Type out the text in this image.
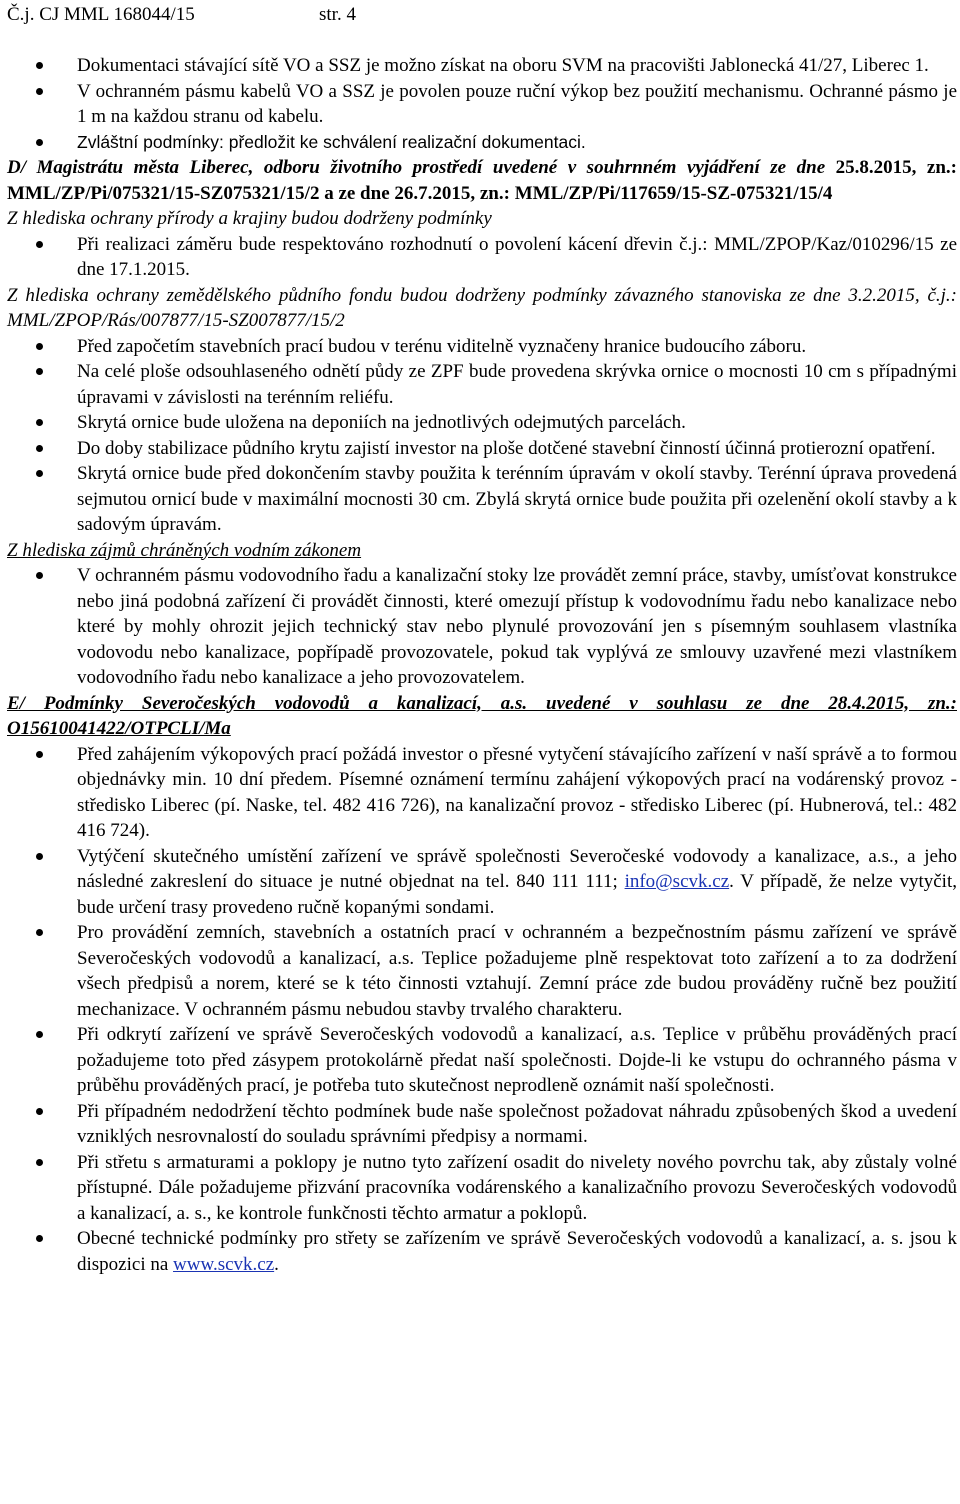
Č.j. CJ MML 168044/15	str. 4
Dokumentaci stávající sítě VO a SSZ je možno získat na oboru SVM na pracovišti Jablonecká 41/27, Liberec 1.
V ochranném pásmu kabelů VO a SSZ je povolen pouze ruční výkop bez použití mechanismu. Ochranné pásmo je 1 m na každou stranu od kabelu.
Zvláštní podmínky: předložit ke schválení realizační dokumentaci.

D/ Magistrátu města Liberec, odboru životního prostředí uvedené v souhrnném vyjádření ze dne 25.8.2015, zn.: MML/ZP/Pi/075321/15-SZ075321/15/2 a ze dne 26.7.2015, zn.: MML/ZP/Pi/117659/15-SZ-075321/15/4

Z hlediska ochrany přírody a krajiny budou dodrženy podmínky

Při realizaci záměru bude respektováno rozhodnutí o povolení kácení dřevin č.j.: MML/ZPOP/Kaz/010296/15 ze dne 17.1.2015.

Z hlediska ochrany zemědělského půdního fondu budou dodrženy podmínky závazného stanoviska ze dne 3.2.2015, č.j.: MML/ZPOP/Rás/007877/15-SZ007877/15/2

Před započetím stavebních prací budou v terénu viditelně vyznačeny hranice budoucího záboru.
Na celé ploše odsouhlaseného odnětí půdy ze ZPF bude provedena skrývka ornice o mocnosti 10 cm s případnými úpravami v závislosti na terénním reliéfu.
Skrytá ornice bude uložena na deponiích na jednotlivých odejmutých parcelách.
Do doby stabilizace půdního krytu zajistí investor na ploše dotčené stavební činností účinná protierozní opatření.
Skrytá ornice bude před dokončením stavby použita k terénním úpravám v okolí stavby. Terénní úprava provedená sejmutou ornicí bude v maximální mocnosti 30 cm. Zbylá skrytá ornice bude použita při ozelenění okolí stavby a k sadovým úpravám.

Z hlediska zájmů chráněných vodním zákonem

V ochranném pásmu vodovodního řadu a kanalizační stoky lze provádět zemní práce, stavby, umísťovat konstrukce nebo jiná podobná zařízení či provádět činnosti, které omezují přístup k vodovodnímu řadu nebo kanalizace nebo které by mohly ohrozit jejich technický stav nebo plynulé provozování jen s písemným souhlasem vlastníka vodovodu nebo kanalizace, popřípadě provozovatele, pokud tak vyplývá ze smlouvy uzavřené mezi vlastníkem vodovodního řadu nebo kanalizace a jeho provozovatelem.

E/ Podmínky Severočeských vodovodů a kanalizací, a.s. uvedené v souhlasu ze dne 28.4.2015, zn.: O15610041422/OTPCLI/Ma

Před zahájením výkopových prací požádá investor o přesné vytyčení stávajícího zařízení v naší správě a to formou objednávky min. 10 dní předem. Písemné oznámení termínu zahájení výkopových prací na vodárenský provoz - středisko Liberec (pí. Naske, tel. 482 416 726), na kanalizační provoz - středisko Liberec (pí. Hubnerová, tel.: 482 416 724).
Vytýčení skutečného umístění zařízení ve správě společnosti Severočeské vodovody a kanalizace, a.s., a jeho následné zakreslení do situace je nutné objednat na tel. 840 111 111; info@scvk.cz. V případě, že nelze vytyčit, bude určení trasy provedeno ručně kopanými sondami.
Pro provádění zemních, stavebních a ostatních prací v ochranném a bezpečnostním pásmu zařízení ve správě Severočeských vodovodů a kanalizací, a.s. Teplice požadujeme plně respektovat toto zařízení a to za dodržení všech předpisů a norem, které se k této činnosti vztahují. Zemní práce zde budou prováděny ručně bez použití mechanizace. V ochranném pásmu nebudou stavby trvalého charakteru.
Při odkrytí zařízení ve správě Severočeských vodovodů a kanalizací, a.s. Teplice v průběhu prováděných prací požadujeme toto před zásypem protokolárně předat naší společnosti. Dojde-li ke vstupu do ochranného pásma v průběhu prováděných prací, je potřeba tuto skutečnost neprodleně oznámit naší společnosti.
Při případném nedodržení těchto podmínek bude naše společnost požadovat náhradu způsobených škod a uvedení vzniklých nesrovnalostí do souladu správními předpisy a normami.
Při střetu s armaturami a poklopy je nutno tyto zařízení osadit do nivelety nového povrchu tak, aby zůstaly volné přístupné. Dále požadujeme přizvání pracovníka vodárenského a kanalizačního provozu Severočeských vodovodů a kanalizací, a. s., ke kontrole funkčnosti těchto armatur a poklopů.
Obecné technické podmínky pro střety se zařízením ve správě Severočeských vodovodů a kanalizací, a. s. jsou k dispozici na www.scvk.cz.
